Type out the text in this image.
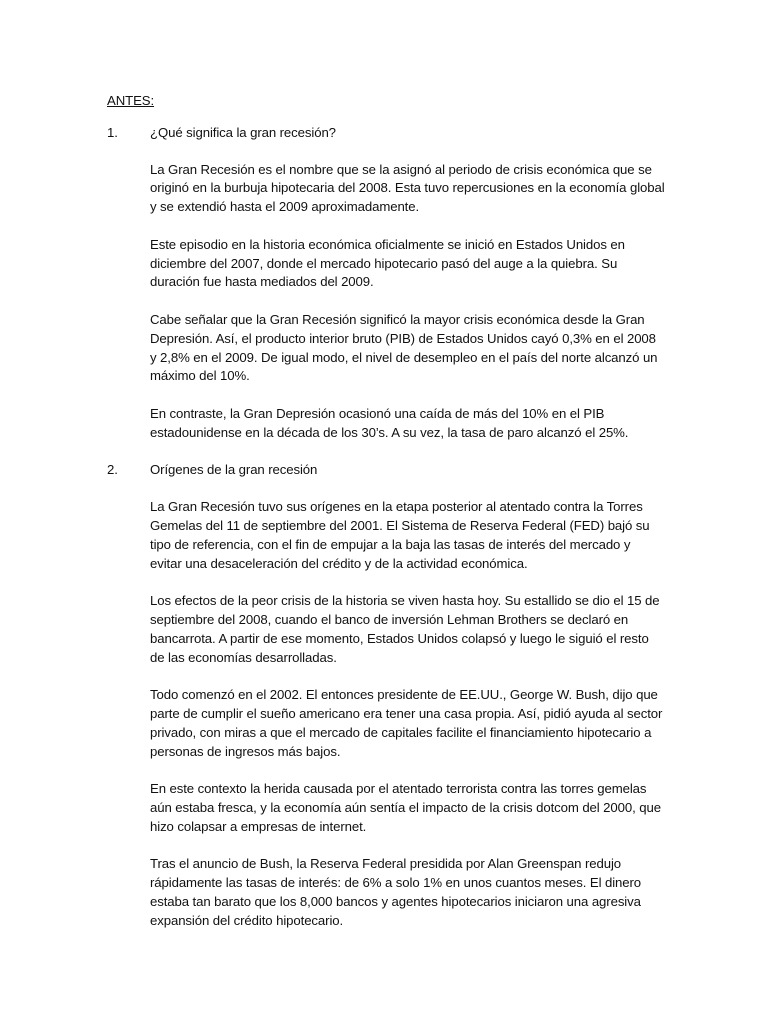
ANTES:
1.	¿Qué significa la gran recesión?

La Gran Recesión es el nombre que se la asignó al periodo de crisis económica que se originó en la burbuja hipotecaria del 2008. Esta tuvo repercusiones en la economía global y se extendió hasta el 2009 aproximadamente.

Este episodio en la historia económica oficialmente se inició en Estados Unidos en diciembre del 2007, donde el mercado hipotecario pasó del auge a la quiebra. Su duración fue hasta mediados del 2009.

Cabe señalar que la Gran Recesión significó la mayor crisis económica desde la Gran Depresión. Así, el producto interior bruto (PIB) de Estados Unidos cayó 0,3% en el 2008 y 2,8% en el 2009. De igual modo, el nivel de desempleo en el país del norte alcanzó un máximo del 10%.

En contraste, la Gran Depresión ocasionó una caída de más del 10% en el PIB estadounidense en la década de los 30’s. A su vez, la tasa de paro alcanzó el 25%.

2.	Orígenes de la gran recesión

La Gran Recesión tuvo sus orígenes en la etapa posterior al atentado contra la Torres Gemelas del 11 de septiembre del 2001. El Sistema de Reserva Federal (FED) bajó su tipo de referencia, con el fin de empujar a la baja las tasas de interés del mercado y evitar una desaceleración del crédito y de la actividad económica.

Los efectos de la peor crisis de la historia se viven hasta hoy. Su estallido se dio el 15 de septiembre del 2008, cuando el banco de inversión Lehman Brothers se declaró en bancarrota. A partir de ese momento, Estados Unidos colapsó y luego le siguió el resto de las economías desarrolladas.

Todo comenzó en el 2002. El entonces presidente de EE.UU., George W. Bush, dijo que parte de cumplir el sueño americano era tener una casa propia. Así, pidió ayuda al sector privado, con miras a que el mercado de capitales facilite el financiamiento hipotecario a personas de ingresos más bajos.

En este contexto la herida causada por el atentado terrorista contra las torres gemelas aún estaba fresca, y la economía aún sentía el impacto de la crisis dotcom del 2000, que hizo colapsar a empresas de internet.

Tras el anuncio de Bush, la Reserva Federal presidida por Alan Greenspan redujo rápidamente las tasas de interés: de 6% a solo 1% en unos cuantos meses. El dinero estaba tan barato que los 8,000 bancos y agentes hipotecarios iniciaron una agresiva expansión del crédito hipotecario.
